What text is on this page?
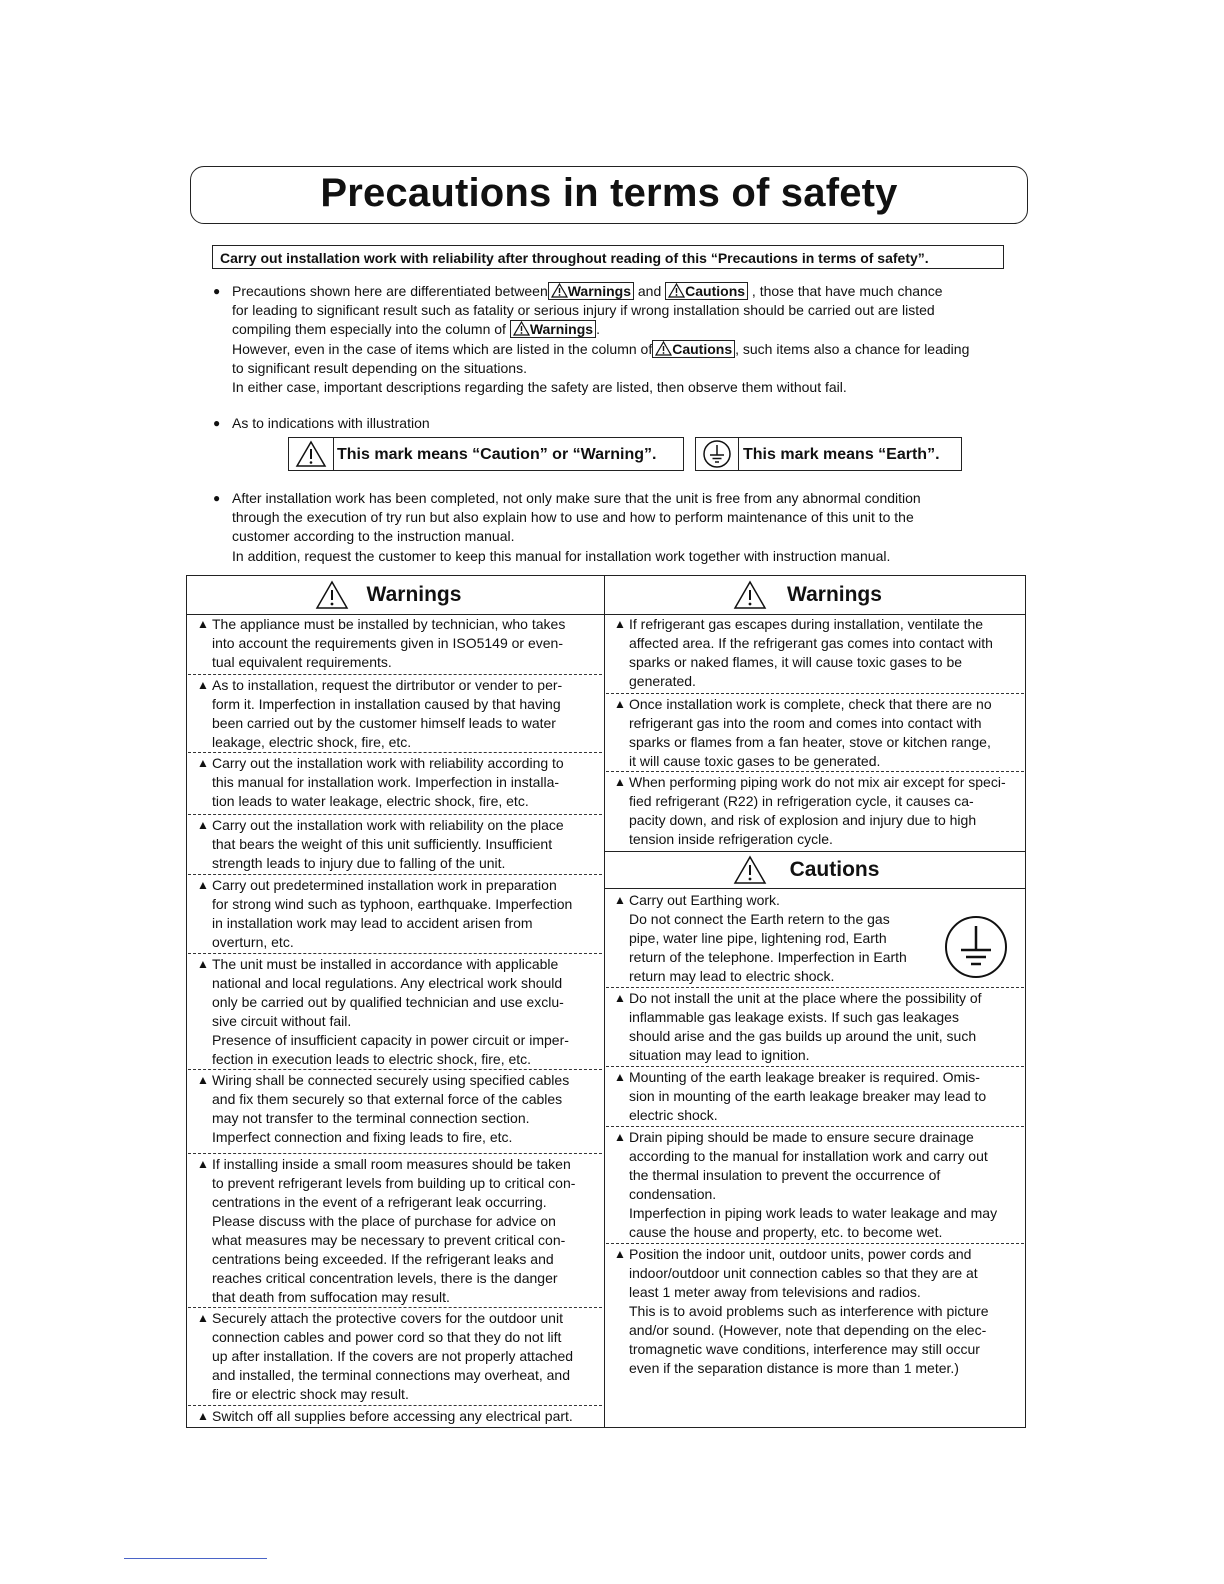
Precautions in terms of safety
Carry out installation work with reliability after throughout reading of this “Precautions in terms of safety”.
● Precautions shown here are differentiated between Warnings and Cautions , those that have much chance
for leading to significant result such as fatality or serious injury if wrong installation should be carried out are listed
compiling them especially into the column of Warnings .
However, even in the case of items which are listed in the column of Cautions , such items also a chance for leading
to significant result depending on the situations.
In either case, important descriptions regarding the safety are listed, then observe them without fail.
● As to indications with illustration
This mark means “Caution” or “Warning”.	This mark means “Earth”.
● After installation work has been completed, not only make sure that the unit is free from any abnormal condition
through the execution of try run but also explain how to use and how to perform maintenance of this unit to the
customer according to the instruction manual.
In addition, request the customer to keep this manual for installation work together with instruction manual.
Warnings	Warnings
Cautions
▲ The appliance must be installed by technician, who takes
into account the requirements given in ISO5149 or even-
tual equivalent requirements.
▲ As to installation, request the dirtributor or vender to per-
form it. Imperfection in installation caused by that having
been carried out by the customer himself leads to water
leakage, electric shock, fire, etc.
▲ Carry out the installation work with reliability according to
this manual for installation work. Imperfection in installa-
tion leads to water leakage, electric shock, fire, etc.
▲ Carry out the installation work with reliability on the place
that bears the weight of this unit sufficiently. Insufficient
strength leads to injury due to falling of the unit.
▲ Carry out predetermined installation work in preparation
for strong wind such as typhoon, earthquake. Imperfection
in installation work may lead to accident arisen from
overturn, etc.
▲ The unit must be installed in accordance with applicable
national and local regulations. Any electrical work should
only be carried out by qualified technician and use exclu-
sive circuit without fail.
Presence of insufficient capacity in power circuit or imper-
fection in execution leads to electric shock, fire, etc.
▲ Wiring shall be connected securely using specified cables
and fix them securely so that external force of the cables
may not transfer to the terminal connection section.
Imperfect connection and fixing leads to fire, etc.
▲ If installing inside a small room measures should be taken
to prevent refrigerant levels from building up to critical con-
centrations in the event of a refrigerant leak occurring.
Please discuss with the place of purchase for advice on
what measures may be necessary to prevent critical con-
centrations being exceeded. If the refrigerant leaks and
reaches critical concentration levels, there is the danger
that death from suffocation may result.
▲ Securely attach the protective covers for the outdoor unit
connection cables and power cord so that they do not lift
up after installation. If the covers are not properly attached
and installed, the terminal connections may overheat, and
fire or electric shock may result.
▲ Switch off all supplies before accessing any electrical part.
▲ If refrigerant gas escapes during installation, ventilate the
affected area. If the refrigerant gas comes into contact with
sparks or naked flames, it will cause toxic gases to be
generated.
▲ Once installation work is complete, check that there are no
refrigerant gas into the room and comes into contact with
sparks or flames from a fan heater, stove or kitchen range,
it will cause toxic gases to be generated.
▲ When performing piping work do not mix air except for speci-
fied refrigerant (R22) in refrigeration cycle, it causes ca-
pacity down, and risk of explosion and injury due to high
tension inside refrigeration cycle.
▲ Carry out Earthing work.
Do not connect the Earth retern to the gas
pipe, water line pipe, lightening rod, Earth
return of the telephone. Imperfection in Earth
return may lead to electric shock.
▲ Do not install the unit at the place where the possibility of
inflammable gas leakage exists. If such gas leakages
should arise and the gas builds up around the unit, such
situation may lead to ignition.
▲ Mounting of the earth leakage breaker is required. Omis-
sion in mounting of the earth leakage breaker may lead to
electric shock.
▲ Drain piping should be made to ensure secure drainage
according to the manual for installation work and carry out
the thermal insulation to prevent the occurrence of
condensation.
Imperfection in piping work leads to water leakage and may
cause the house and property, etc. to become wet.
▲ Position the indoor unit, outdoor units, power cords and
indoor/outdoor unit connection cables so that they are at
least 1 meter away from televisions and radios.
This is to avoid problems such as interference with picture
and/or sound. (However, note that depending on the elec-
tromagnetic wave conditions, interference may still occur
even if the separation distance is more than 1 meter.)
